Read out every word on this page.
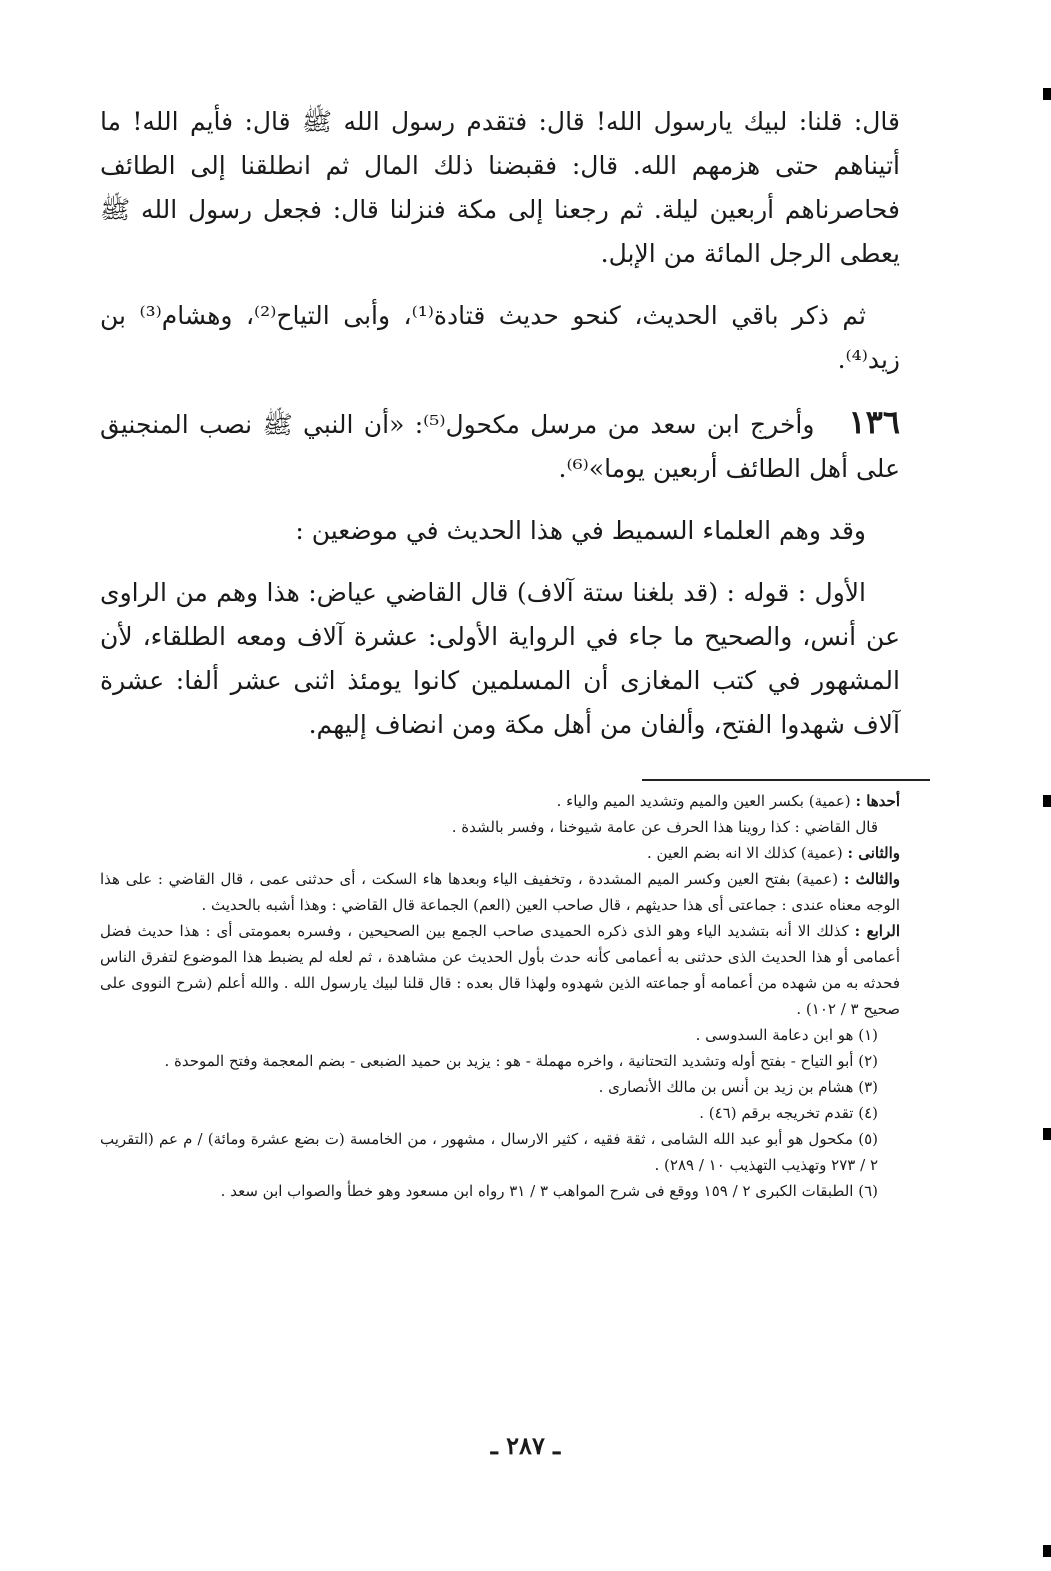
قال: قلنا: لبيك يارسول الله! قال: فتقدم رسول الله ﷺ قال: فأيم الله! ما أتيناهم حتى هزمهم الله. قال: فقبضنا ذلك المال ثم انطلقنا إلى الطائف فحاصرناهم أربعين ليلة. ثم رجعنا إلى مكة فنزلنا قال: فجعل رسول الله ﷺ يعطى الرجل المائة من الإبل.

ثم ذكر باقي الحديث، كنحو حديث قتادة⁽¹⁾، وأبى التياح⁽²⁾، وهشام⁽³⁾ بن زيد⁽⁴⁾.

١٣٦وأخرج ابن سعد من مرسل مكحول⁽⁵⁾: «أن النبي ﷺ نصب المنجنيق على أهل الطائف أربعين يوما»⁽⁶⁾.

وقد وهم العلماء السميط في هذا الحديث في موضعين :

الأول : قوله : (قد بلغنا ستة آلاف) قال القاضي عياض: هذا وهم من الراوى عن أنس، والصحيح ما جاء في الرواية الأولى: عشرة آلاف ومعه الطلقاء، لأن المشهور في كتب المغازى أن المسلمين كانوا يومئذ اثنى عشر ألفا: عشرة آلاف شهدوا الفتح، وألفان من أهل مكة ومن انضاف إليهم.

أحدها : (عمية) بكسر العين والميم وتشديد الميم والياء .

قال القاضي : كذا روينا هذا الحرف عن عامة شيوخنا ، وفسر بالشدة .

والثانى : (عمية) كذلك الا انه بضم العين .

والثالث : (عمية) بفتح العين وكسر الميم المشددة ، وتخفيف الياء وبعدها هاء السكت ، أى حدثنى عمى ، قال القاضي : على هذا الوجه معناه عندى : جماعتى أى هذا حديثهم ، قال صاحب العين (العم) الجماعة قال القاضي : وهذا أشبه بالحديث .

الرابع : كذلك الا أنه بتشديد الياء وهو الذى ذكره الحميدى صاحب الجمع بين الصحيحين ، وفسره بعمومتى أى : هذا حديث فضل أعمامى أو هذا الحديث الذى حدثنى به أعمامى كأنه حدث بأول الحديث عن مشاهدة ، ثم لعله لم يضبط هذا الموضوع لتفرق الناس فحدثه به من شهده من أعمامه أو جماعته الذين شهدوه ولهذا قال بعده : قال قلنا لبيك يارسول الله . والله أعلم (شرح النووى على صحيح ٣ / ١٠٢) .

(١) هو ابن دعامة السدوسى .

(٢) أبو التياح - بفتح أوله وتشديد التحتانية ، واخره مهملة - هو : يزيد بن حميد الضبعى - بضم المعجمة وفتح الموحدة .

(٣) هشام بن زيد بن أنس بن مالك الأنصارى .

(٤) تقدم تخريجه برقم (٤٦) .

(٥) مكحول هو أبو عبد الله الشامى ، ثقة فقيه ، كثير الارسال ، مشهور ، من الخامسة (ت بضع عشرة ومائة) / م عم (التقريب ٢ / ٢٧٣ وتهذيب التهذيب ١٠ / ٢٨٩) .

(٦) الطبقات الكبرى ٢ / ١٥٩ ووقع فى شرح المواهب ٣ / ٣١ رواه ابن مسعود وهو خطأ والصواب ابن سعد .

ـ ٢٨٧ ـ
